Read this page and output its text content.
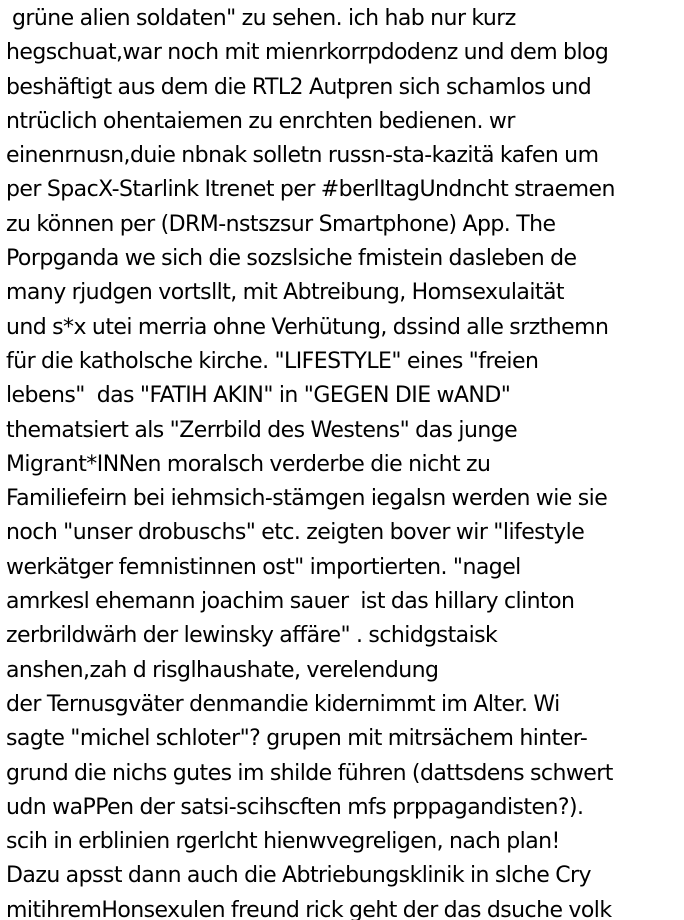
grüne alien soldaten" zu sehen. ich hab nur kurz
hegschuat,war noch mit mienrkorrpdodenz und dem blog
beshäftigt aus dem die RTL2 Autpren sich schamlos und
ntrüclich ohentaiemen zu enrchten bedienen. wr
einenrnusn,duie nbnak solletn russn-sta-kazitä kafen um
per SpacX-Starlink Itrenet per #berlItagUndncht straemen
zu können per (DRM-nstszsur Smartphone) App. The
Porpganda we sich die sozslsiche fmistein dasleben de
many rjudgen vortsllt, mit Abtreibung, Homsexulaität
und s*x utei merria ohne Verhütung, dssind alle srzthemn
für die katholsche kirche. "LIFESTYLE" eines "freien
lebens"  das "FATIH AKIN" in "GEGEN DIE wAND"
thematsiert als "Zerrbild des Westens" das junge
Migrant*INNen moralsch verderbe die nicht zu
Familiefeirn bei iehmsich-stämgen iegalsn werden wie sie
noch "unser drobuschs" etc. zeigten bover wir "lifestyle
werkätger femnistinnen ost" importierten. "nagel
amrkesl ehemann joachim sauer  ist das hillary clinton
zerbrildwärh der lewinsky affäre" . schidgstaisk
anshen,zah d risglhaushate, verelendung
der Ternusgväter denmandie kidernimmt im Alter. Wi
sagte "michel schloter"? grupen mit mitrsächem hinter-
grund die nichs gutes im shilde führen (dattsdens schwert
udn waPPen der satsi-scihscften mfs prppagandisten?).
scih in erblinien rgerlcht hienwvegreligen, nach plan!
Dazu apsst dann auch die Abtriebungsklinik in slche Cry
mitihremHonsexulen freund rick geht der das dsuche volk
